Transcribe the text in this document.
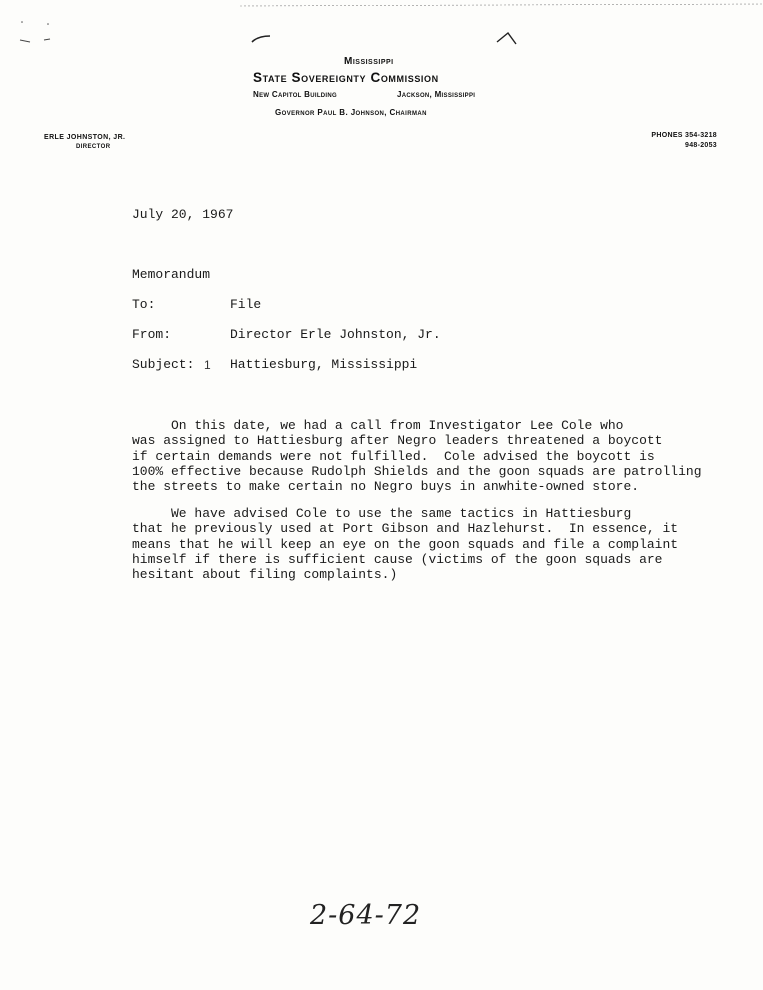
Mississippi
State Sovereignty Commission
New Capitol Building	Jackson, Mississippi
Governor Paul B. Johnson, Chairman
ERLE JOHNSTON, JR.
DIRECTOR
PHONES 354-3218
948-2053
July 20, 1967
Memorandum
To:	File
From:	Director Erle Johnston, Jr.
Subject: 1 Hattiesburg, Mississippi
On this date, we had a call from Investigator Lee Cole who
was assigned to Hattiesburg after Negro leaders threatened a boycott
if certain demands were not fulfilled.  Cole advised the boycott is
100% effective because Rudolph Shields and the goon squads are patrolling
the streets to make certain no Negro buys in anwhite-owned store.
We have advised Cole to use the same tactics in Hattiesburg
that he previously used at Port Gibson and Hazlehurst.  In essence, it
means that he will keep an eye on the goon squads and file a complaint
himself if there is sufficient cause (victims of the goon squads are
hesitant about filing complaints.)
2-64-72
